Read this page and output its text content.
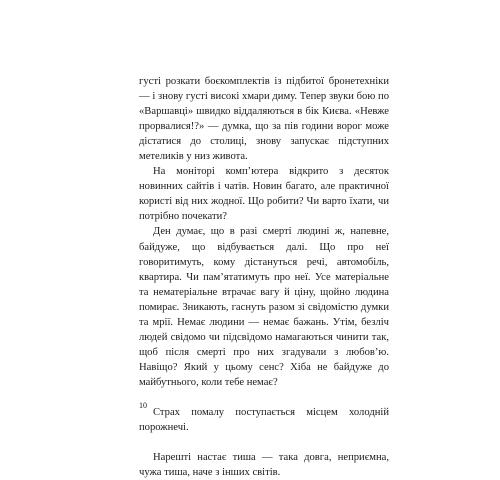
густі розкати боєкомплектів із підбитої бронетехніки — і знову густі високі хмари диму. Тепер звуки бою по «Варшавці» швидко віддаляються в бік Києва. «Невже прорвалися!?» — думка, що за пів години ворог може дістатися до столиці, знову запускає підступних метеликів у низ живота.

На моніторі комп’ютера відкрито з десяток новинних сайтів і чатів. Новин багато, але практичної користі від них жодної. Що робити? Чи варто їхати, чи потрібно почекати?

Ден думає, що в разі смерті людині ж, напевне, байдуже, що відбувається далі. Що про неї говоритимуть, кому дістануться речі, автомобіль, квартира. Чи пам’ятатимуть про неї. Усе матеріальне та нематеріальне втрачає вагу й ціну, щойно людина помирає. Зникають, гаснуть разом зі свідомістю думки та мрії. Немає людини — немає бажань. Утім, безліч людей свідомо чи підсвідомо намагаються чинити так, щоб після смерті про них згадували з любов’ю. Навіщо? Який у цьому сенс? Хіба не байдуже до майбутнього, коли тебе немає?

Страх помалу поступається місцем холодній порожнечі.

Нарешті настає тиша — така довга, неприємна, чужа тиша, наче з інших світів.

10
